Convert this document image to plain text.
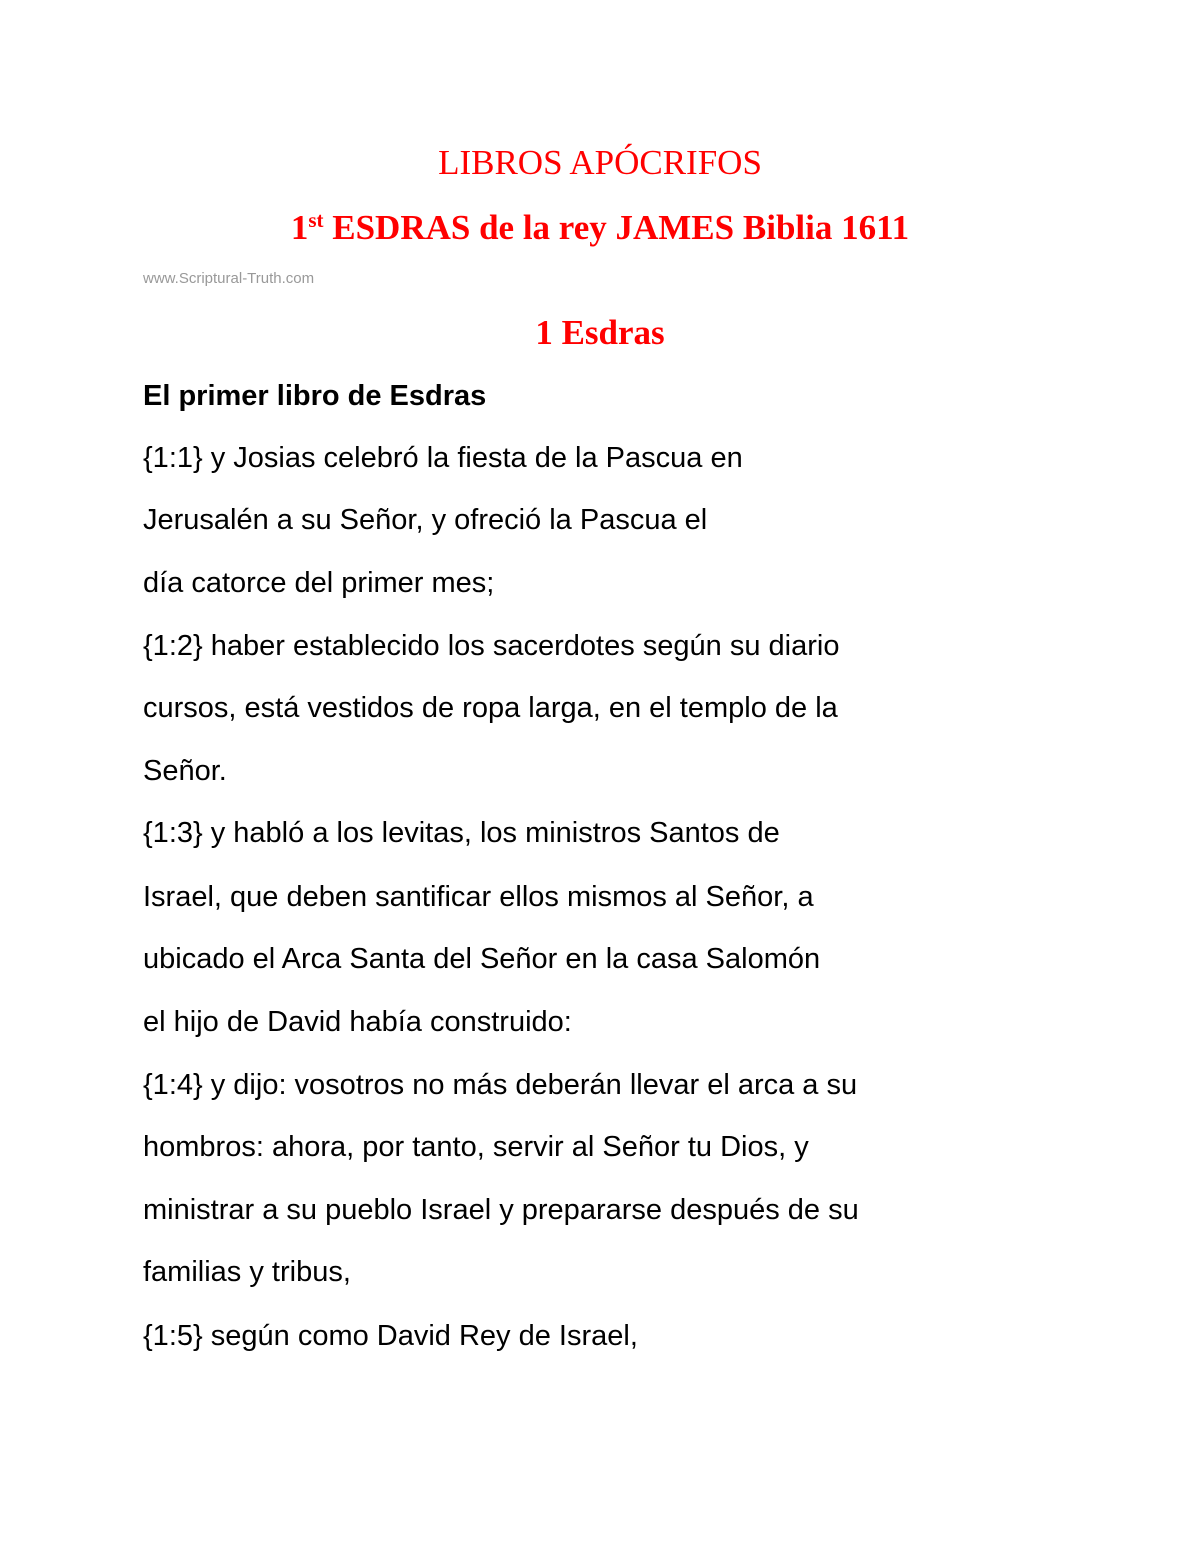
LIBROS APÓCRIFOS
1st ESDRAS de la rey JAMES Biblia 1611
www.Scriptural-Truth.com
1 Esdras
El primer libro de Esdras
{1:1} y Josias celebró la fiesta de la Pascua en
Jerusalén a su Señor, y ofreció la Pascua el
día catorce del primer mes;
{1:2} haber establecido los sacerdotes según su diario
cursos, está vestidos de ropa larga, en el templo de la
Señor.
{1:3} y habló a los levitas, los ministros Santos de
Israel, que deben santificar ellos mismos al Señor, a
ubicado el Arca Santa del Señor en la casa Salomón
el hijo de David había construido:
{1:4} y dijo: vosotros no más deberán llevar el arca a su
hombros: ahora, por tanto, servir al Señor tu Dios, y
ministrar a su pueblo Israel y prepararse después de su
familias y tribus,
{1:5} según como David Rey de Israel,
